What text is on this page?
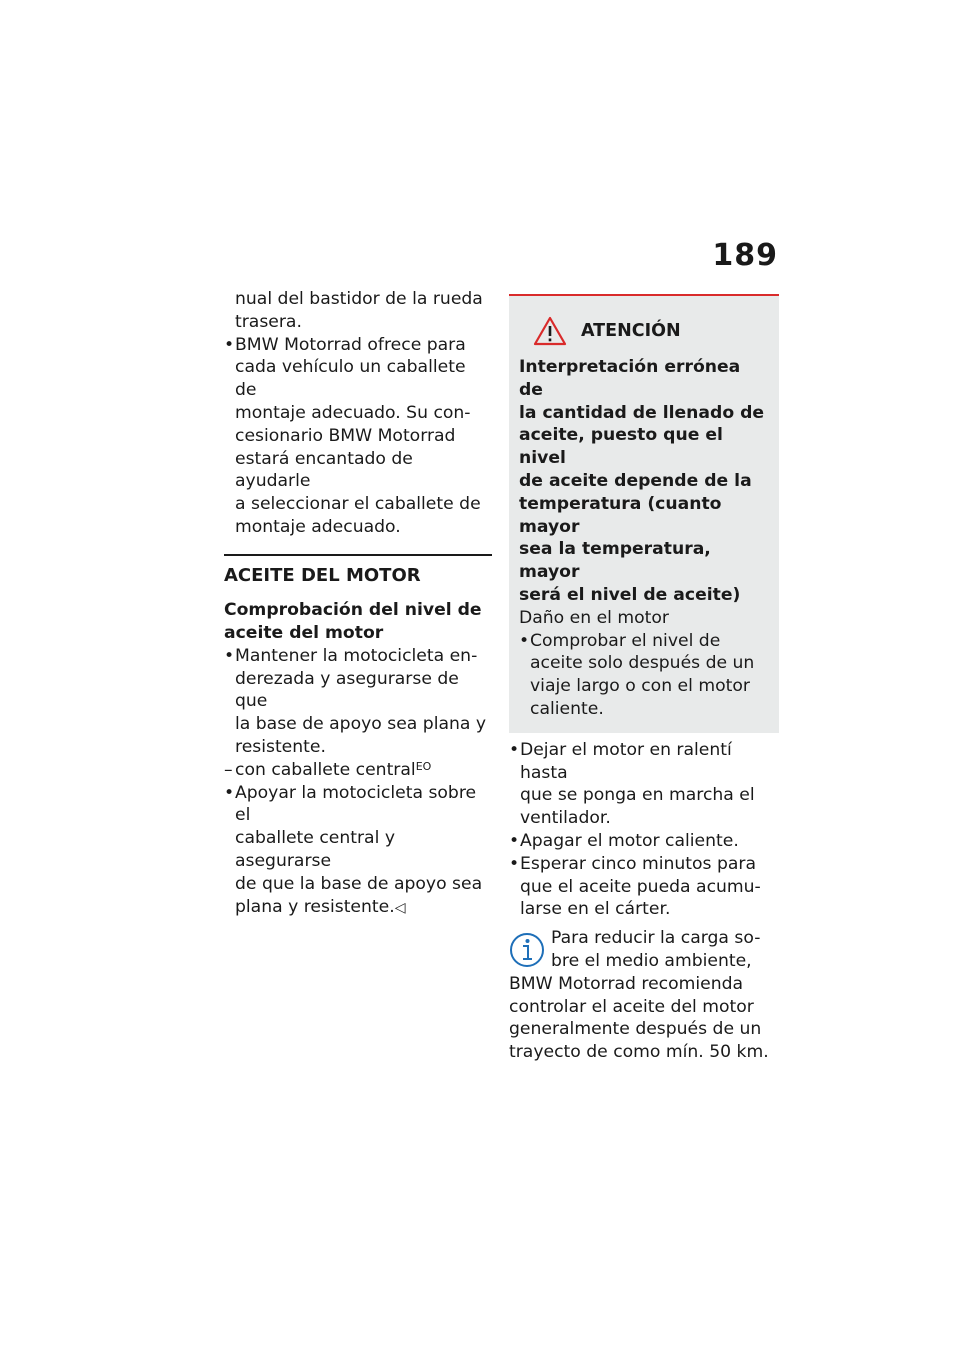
189
nual del bastidor de la rueda
trasera.
• BMW Motorrad ofrece para
cada vehículo un caballete de
montaje adecuado. Su con-
cesionario BMW Motorrad
estará encantado de ayudarle
a seleccionar el caballete de
montaje adecuado.
ACEITE DEL MOTOR
Comprobación del nivel de
aceite del motor
• Mantener la motocicleta en-
derezada y asegurarse de que
la base de apoyo sea plana y
resistente.
– con caballete central$^{EO}$
• Apoyar la motocicleta sobre el
caballete central y asegurarse
de que la base de apoyo sea
plana y resistente.◁
ATENCIÓN
Interpretación errónea de
la cantidad de llenado de
aceite, puesto que el nivel
de aceite depende de la
temperatura (cuanto mayor
sea la temperatura, mayor
será el nivel de aceite)
Daño en el motor
• Comprobar el nivel de
aceite solo después de un
viaje largo o con el motor
caliente.
• Dejar el motor en ralentí hasta
que se ponga en marcha el
ventilador.
• Apagar el motor caliente.
• Esperar cinco minutos para
que el aceite pueda acumu-
larse en el cárter.
Para reducir la carga so-
bre el medio ambiente,
BMW Motorrad recomienda
controlar el aceite del motor
generalmente después de un
trayecto de como mín. 50 km.
